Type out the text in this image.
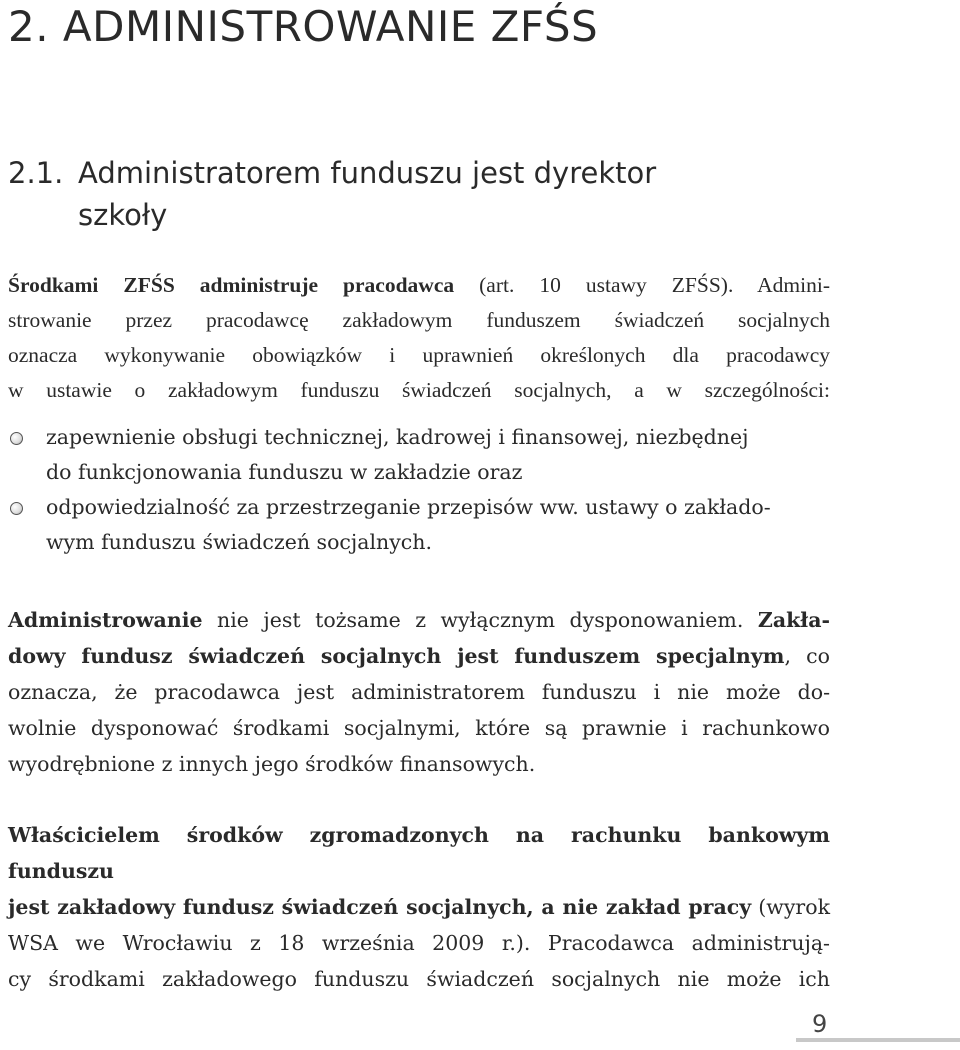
2. ADMINISTROWANIE ZFŚS
2.1. Administratorem funduszu jest dyrektor
szkoły
Środkami ZFŚS administruje pracodawca (art. 10 ustawy ZFŚS). Admini-
strowanie przez pracodawcę zakładowym funduszem świadczeń socjalnych
oznacza wykonywanie obowiązków i uprawnień określonych dla pracodawcy
w ustawie o zakładowym funduszu świadczeń socjalnych, a w szczególności:
zapewnienie obsługi technicznej, kadrowej i finansowej, niezbędnej
do funkcjonowania funduszu w zakładzie oraz
odpowiedzialność za przestrzeganie przepisów ww. ustawy o zakłado-
wym funduszu świadczeń socjalnych.
Administrowanie nie jest tożsame z wyłącznym dysponowaniem. Zakła-
dowy fundusz świadczeń socjalnych jest funduszem specjalnym, co
oznacza, że pracodawca jest administratorem funduszu i nie może do-
wolnie dysponować środkami socjalnymi, które są prawnie i rachunkowo
wyodrębnione z innych jego środków finansowych.
Właścicielem środków zgromadzonych na rachunku bankowym funduszu
jest zakładowy fundusz świadczeń socjalnych, a nie zakład pracy (wyrok
WSA we Wrocławiu z 18 września 2009 r.). Pracodawca administrują-
cy środkami zakładowego funduszu świadczeń socjalnych nie może ich
9
